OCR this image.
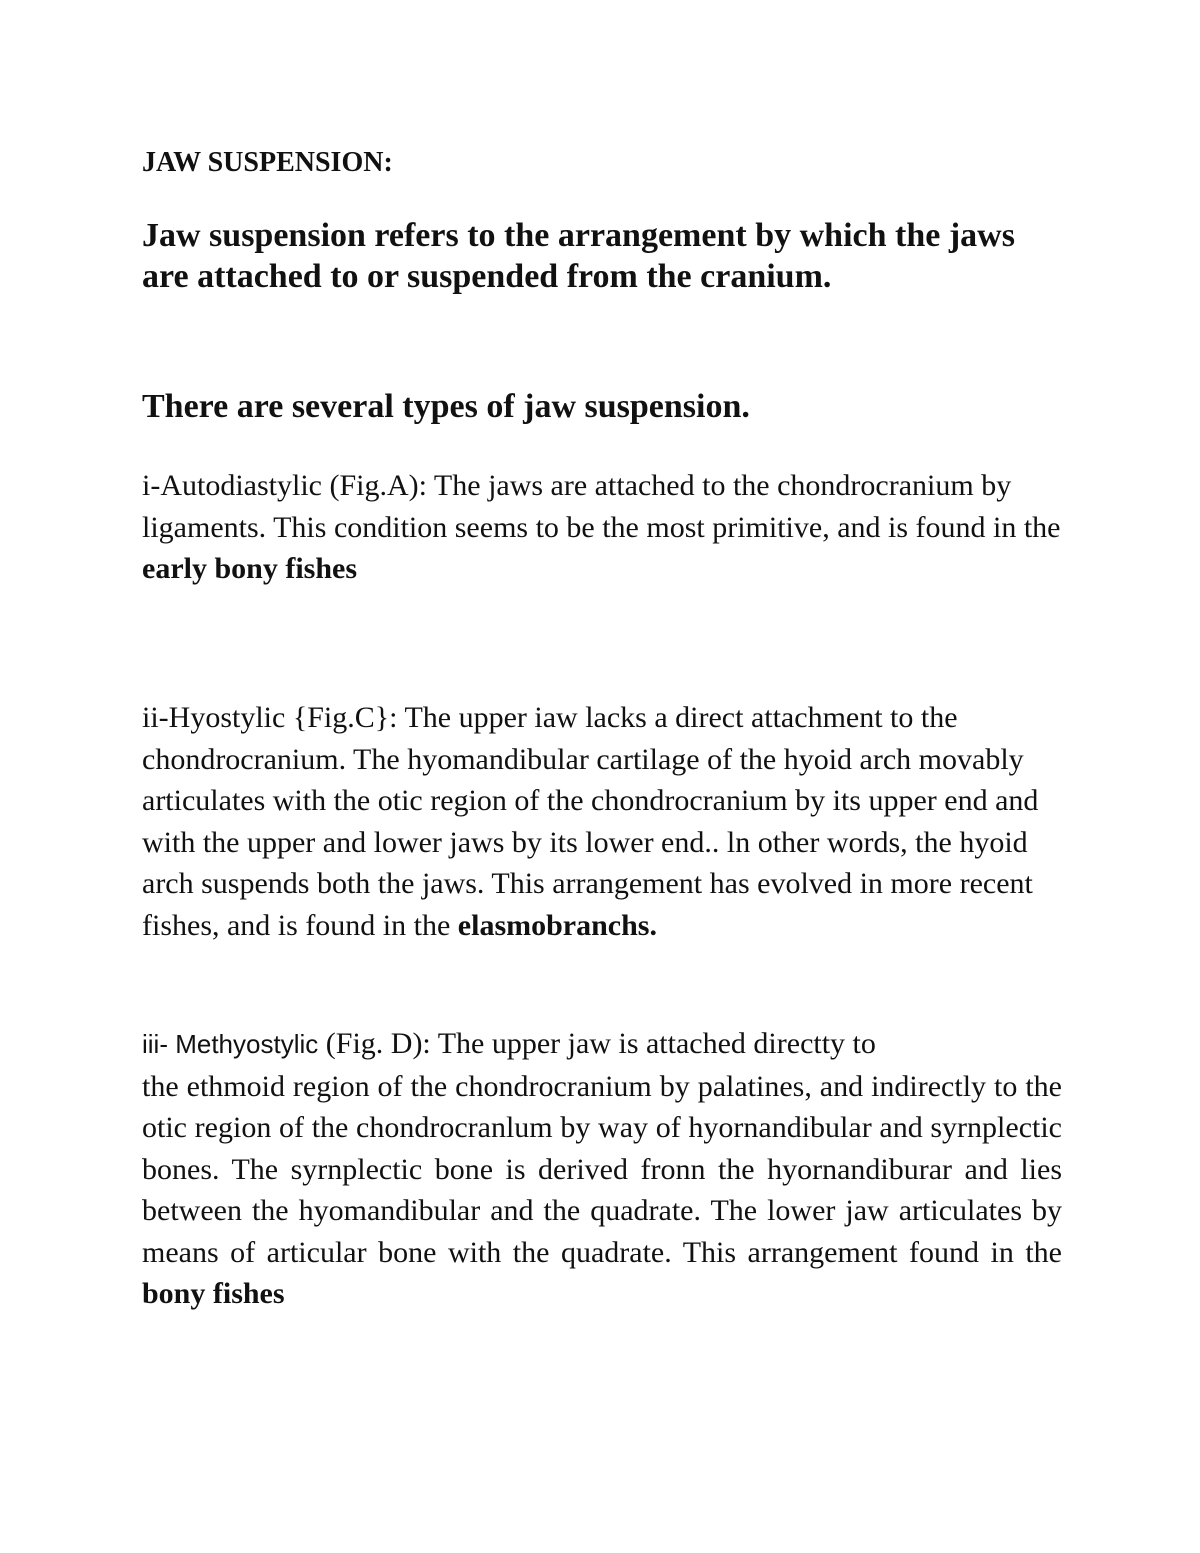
JAW SUSPENSION:

Jaw suspension refers to the arrangement by which the jaws are attached to or suspended from the cranium.

There are several types of jaw suspension.

i-Autodiastylic (Fig.A): The jaws are attached to the chondrocranium by ligaments. This condition seems to be the most primitive, and is found in the early bony fishes

ii-Hyostylic {Fig.C}: The upper iaw lacks a direct attachment to the chondrocranium. The hyomandibular cartilage of the hyoid arch movably articulates with the otic region of the chondrocranium by its upper end and with the upper and lower jaws by its lower end.. ln other words, the hyoid arch suspends both the jaws. This arrangement has evolved in more recent fishes, and is found in the elasmobranchs.

iii- Methyostylic (Fig. D): The upper jaw is attached directty to
the ethmoid region of the chondrocranium by palatines, and indirectly to the otic region of the chondrocranlum by way of hyornandibular and syrnplectic bones. The syrnplectic bone is derived fronn the hyornandiburar and lies between the hyomandibular and the quadrate. The lower jaw articulates by means of articular bone with the quadrate. This arrangement found in the bony fishes
